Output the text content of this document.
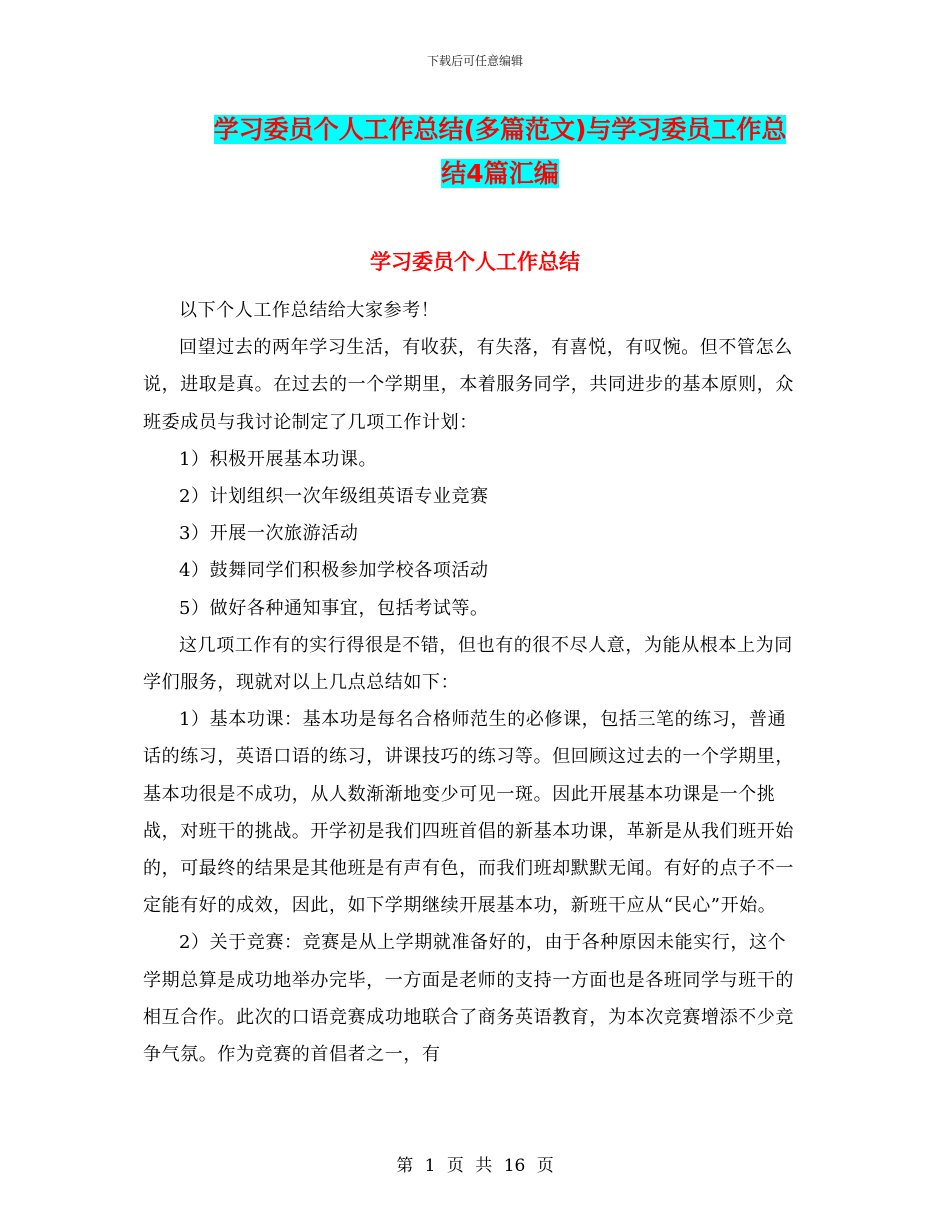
下载后可任意编辑
学习委员个人工作总结(多篇范文)与学习委员工作总
结4篇汇编
学习委员个人工作总结

以下个人工作总结给大家参考！

回望过去的两年学习生活，有收获，有失落，有喜悦，有叹惋。但不管怎么说，进取是真。在过去的一个学期里，本着服务同学，共同进步的基本原则，众班委成员与我讨论制定了几项工作计划：

1）积极开展基本功课。

2）计划组织一次年级组英语专业竞赛

3）开展一次旅游活动

4）鼓舞同学们积极参加学校各项活动

5）做好各种通知事宜，包括考试等。

这几项工作有的实行得很是不错，但也有的很不尽人意，为能从根本上为同学们服务，现就对以上几点总结如下：

1）基本功课：基本功是每名合格师范生的必修课，包括三笔的练习，普通话的练习，英语口语的练习，讲课技巧的练习等。但回顾这过去的一个学期里，基本功很是不成功，从人数渐渐地变少可见一斑。因此开展基本功课是一个挑战，对班干的挑战。开学初是我们四班首倡的新基本功课，革新是从我们班开始的，可最终的结果是其他班是有声有色，而我们班却默默无闻。有好的点子不一定能有好的成效，因此，如下学期继续开展基本功，新班干应从“民心”开始。

2）关于竞赛：竞赛是从上学期就准备好的，由于各种原因未能实行，这个学期总算是成功地举办完毕，一方面是老师的支持一方面也是各班同学与班干的相互合作。此次的口语竞赛成功地联合了商务英语教育，为本次竞赛增添不少竞争气氛。作为竞赛的首倡者之一，有

第 1 页 共 16 页
